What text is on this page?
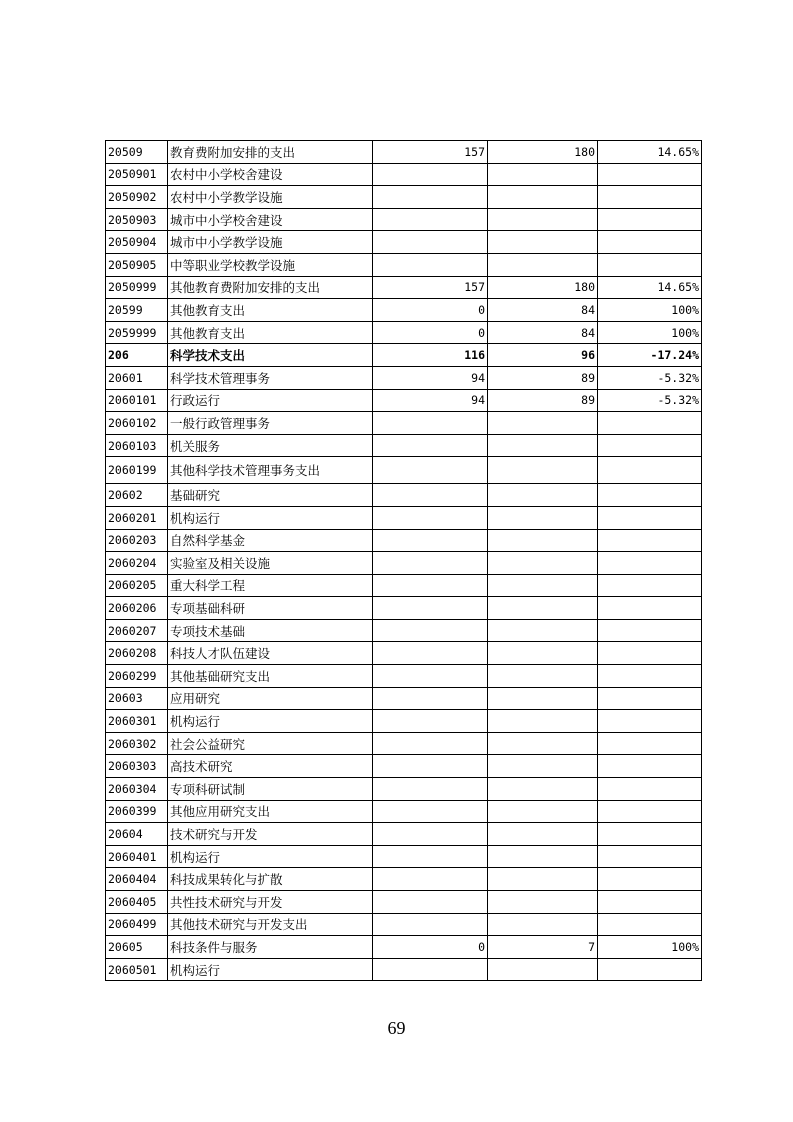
20509	教育费附加安排的支出	157	180	14.65%
2050901	农村中小学校舍建设			
2050902	农村中小学教学设施			
2050903	城市中小学校舍建设			
2050904	城市中小学教学设施			
2050905	中等职业学校教学设施			
2050999	其他教育费附加安排的支出	157	180	14.65%
20599	其他教育支出	0	84	100%
2059999	其他教育支出	0	84	100%
206	科学技术支出	116	96	-17.24%
20601	科学技术管理事务	94	89	-5.32%
2060101	行政运行	94	89	-5.32%
2060102	一般行政管理事务			
2060103	机关服务			
2060199	其他科学技术管理事务支出			
20602	基础研究			
2060201	机构运行			
2060203	自然科学基金			
2060204	实验室及相关设施			
2060205	重大科学工程			
2060206	专项基础科研			
2060207	专项技术基础			
2060208	科技人才队伍建设			
2060299	其他基础研究支出			
20603	应用研究			
2060301	机构运行			
2060302	社会公益研究			
2060303	高技术研究			
2060304	专项科研试制			
2060399	其他应用研究支出			
20604	技术研究与开发			
2060401	机构运行			
2060404	科技成果转化与扩散			
2060405	共性技术研究与开发			
2060499	其他技术研究与开发支出			
20605	科技条件与服务	0	7	100%
2060501	机构运行			
69
